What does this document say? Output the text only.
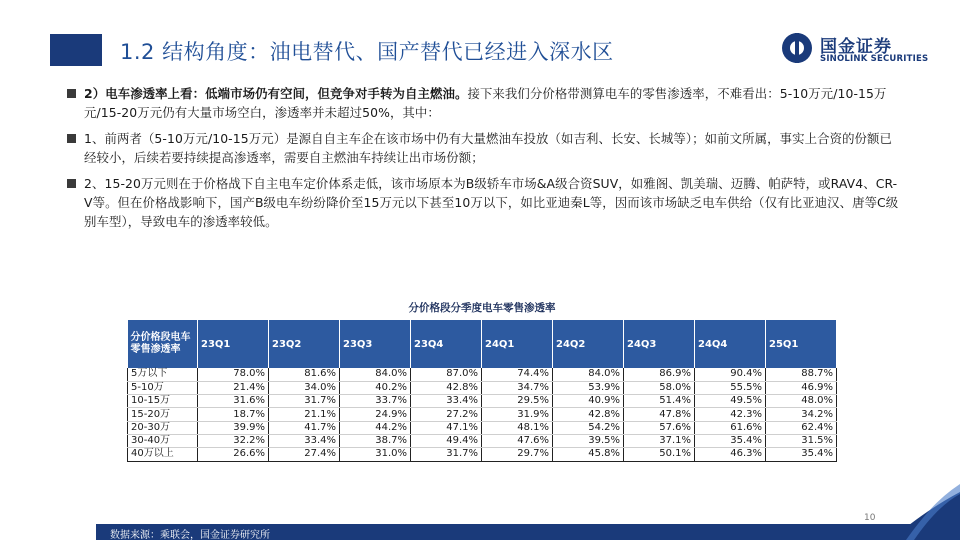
1.2 结构角度：油电替代、国产替代已经进入深水区	国金证券
SINOLINK SECURITIES
2）电车渗透率上看：低端市场仍有空间，但竞争对手转为自主燃油。接下来我们分价格带测算电车的零售渗透率，不难看出：5-10万元/10-15万元/15-20万元仍有大量市场空白，渗透率并未超过50%，其中：
1、前两者（5-10万元/10-15万元）是源自自主车企在该市场中仍有大量燃油车投放（如吉利、长安、长城等）；如前文所属，事实上合资的份额已经较小，后续若要持续提高渗透率，需要自主燃油车持续让出市场份额；
2、15-20万元则在于价格战下自主电车定价体系走低，该市场原本为B级轿车市场&A级合资SUV，如雅阁、凯美瑞、迈腾、帕萨特，或RAV4、CR-V等。但在价格战影响下，国产B级电车纷纷降价至15万元以下甚至10万以下，如比亚迪秦L等，因而该市场缺乏电车供给（仅有比亚迪汉、唐等C级别车型），导致电车的渗透率较低。
分价格段分季度电车零售渗透率
分价格段电车零售渗透率	23Q1	23Q2	23Q3	23Q4	24Q1	24Q2	24Q3	24Q4	25Q1
5万以下	78.0%	81.6%	84.0%	87.0%	74.4%	84.0%	86.9%	90.4%	88.7%
5-10万	21.4%	34.0%	40.2%	42.8%	34.7%	53.9%	58.0%	55.5%	46.9%
10-15万	31.6%	31.7%	33.7%	33.4%	29.5%	40.9%	51.4%	49.5%	48.0%
15-20万	18.7%	21.1%	24.9%	27.2%	31.9%	42.8%	47.8%	42.3%	34.2%
20-30万	39.9%	41.7%	44.2%	47.1%	48.1%	54.2%	57.6%	61.6%	62.4%
30-40万	32.2%	33.4%	38.7%	49.4%	47.6%	39.5%	37.1%	35.4%	31.5%
40万以上	26.6%	27.4%	31.0%	31.7%	29.7%	45.8%	50.1%	46.3%	35.4%
10
数据来源：乘联会，国金证券研究所
